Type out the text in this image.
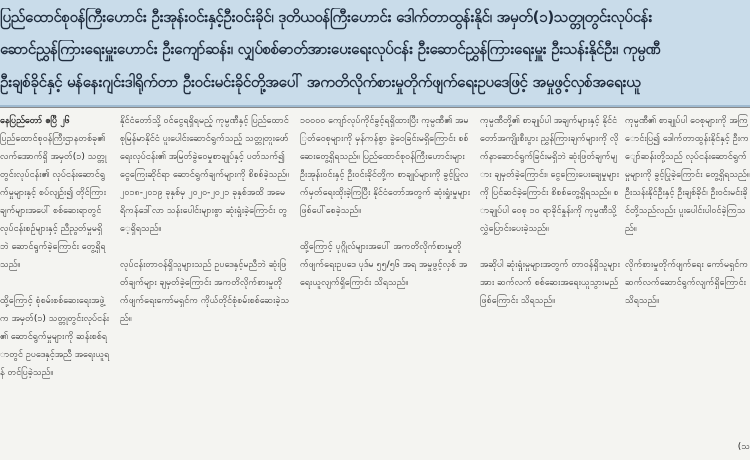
ပြည်ထောင်စုဝန်ကြီးဟောင်း ဦးအုန်းဝင်းနှင့်ဦးဝင်းခိုင်၊ ဒုတိယဝန်ကြီးဟောင်း ဒေါက်တာထွန်းနိုင်၊ အမှတ်(၁)သတ္တုတွင်းလုပ်ငန်း
ဆောင်ညွှန်ကြားရေးမှူးဟောင်း ဦးကျော်ဆန်း၊ လျှပ်စစ်ဓာတ်အားပေးရေးလုပ်ငန်း ဦးဆောင်ညွှန်ကြားရေးမှူး ဦးသန်းနိုင်ဦး၊ ကုမ္ပဏီ
ဦးချစ်ခိုင်နှင့် မန်နေးဂျင်းဒါရိုက်တာ ဦးဝင်းမင်းခိုင်တို့အပေါ် အကတိလိုက်စားမှုတိုက်ဖျက်ရေးဥပဒေဖြင့် အမှုဖွင့်လှစ်အရေးယူ

နေပြည်တော် ဧပြီ ၂၆

ပြည်ထောင်စုဝန်ကြီးဌာနတစ်ခု၏ လက်အောက်ရှိ အမှတ်(၁) သတ္တုတွင်းလုပ်ငန်း၏ လုပ်ငန်းဆောင်ရွက်မှုများနှင့် စပ်လျဉ်း၍ တိုင်ကြားချက်များအပေါ် စစ်ဆေးရာတွင် လုပ်ငန်းစဉ်များနှင့် ညီညွတ်မှုမရှိဘဲ ဆောင်ရွက်ခဲ့ကြောင်း တွေ့ရှိရသည်။

ထို့ကြောင့် စုံစမ်းစစ်ဆေးရေးအဖွဲ့က အမှတ်(၁) သတ္တုတွင်းလုပ်ငန်း၏ ဆောင်ရွက်မှုများကို ဆန်းစစ်ရာတွင် ဥပဒေနှင့်အညီ အရေးယူရန် တင်ပြခဲ့သည်။

နိုင်ငံတော်သို့ ဝင်ငွေရရှိရမည့် ကုမ္ပဏီနှင့် ပြည်ထောင်စုမြန်မာနိုင်ငံ ပူးပေါင်းဆောင်ရွက်သည့် သတ္တုတူးဖော်ရေးလုပ်ငန်း၏ အမြတ်ခွဲဝေမှုစာချုပ်နှင့် ပတ်သက်၍ ငွေကြေးဆိုင်ရာ ဆောင်ရွက်ချက်များကို စိစစ်ခဲ့သည်။ ၂၀၁၈-၂၀၁၉ ခုနှစ်မှ ၂၀၂၀-၂၀၂၁ ခုနှစ်အထိ အမေရိကန်ဒေါ်လာ သန်းပေါင်းများစွာ ဆုံးရှုံးခဲ့ကြောင်း တွေ့ရှိရသည်။

လုပ်ငန်းတာဝန်ရှိသူများသည် ဥပဒေနှင့်မညီဘဲ ဆုံးဖြတ်ချက်များ ချမှတ်ခဲ့ကြောင်း အကတိလိုက်စားမှုတိုက်ဖျက်ရေးကော်မရှင်က ကိုယ်တိုင်စုံစမ်းစစ်ဆေးခဲ့သည်။

၁၀၀၀၀ ကျော်လုပ်ကိုင်ခွင့်ရရှိထားပြီး ကုမ္ပဏီ၏ အမြတ်ဝေစုများကို မှန်ကန်စွာ ခွဲဝေခြင်းမရှိကြောင်း စစ်ဆေးတွေ့ရှိရသည်။ ပြည်ထောင်စုဝန်ကြီးဟောင်းများ ဦးအုန်းဝင်းနှင့် ဦးဝင်းခိုင်တို့က စာချုပ်များကို ခွင့်ပြုလက်မှတ်ရေးထိုးခဲ့ကြပြီး နိုင်ငံတော်အတွက် ဆုံးရှုံးမှုများ ဖြစ်ပေါ်စေခဲ့သည်။

ထို့ကြောင့် ပုဂ္ဂိုလ်များအပေါ် အကတိလိုက်စားမှုတိုက်ဖျက်ရေးဥပဒေ ပုဒ်မ ၅၅/၅၆ အရ အမှုဖွင့်လှစ် အရေးယူလျက်ရှိကြောင်း သိရသည်။

ကုမ္ပဏီတို့၏ စာချုပ်ပါ အချက်များနှင့် နိုင်ငံတော်အကျိုးစီးပွား ညွှန်ကြားချက်များကို လိုက်နာဆောင်ရွက်ခြင်းမရှိဘဲ ဆုံးဖြတ်ချက်များ ချမှတ်ခဲ့ကြောင်း၊ ငွေကြေးပေးချေမှုများကို ပြင်ဆင်ခဲ့ကြောင်း စိစစ်တွေ့ရှိရသည်။ စာချုပ်ပါ ဝေစု ၁၀ ရာခိုင်နှုန်းကို ကုမ္ပဏီသို့ လွှဲပြောင်းပေးခဲ့သည်။

အဆိုပါ ဆုံးရှုံးမှုများအတွက် တာဝန်ရှိသူများအား ဆက်လက် စစ်ဆေးအရေးယူသွားမည်ဖြစ်ကြောင်း သိရသည်။

ကုမ္ပဏီ၏ စာချုပ်ပါ ဝေစုများကို အကြောင်းပြ၍ ဒေါက်တာထွန်းနိုင်နှင့် ဦးကျော်ဆန်းတို့သည် လုပ်ငန်းဆောင်ရွက်မှုများကို ခွင့်ပြုခဲ့ကြောင်း တွေ့ရှိရသည်။ ဦးသန်းနိုင်ဦးနှင့် ဦးချစ်ခိုင်၊ ဦးဝင်းမင်းခိုင်တို့သည်လည်း ပူးပေါင်းပါဝင်ခဲ့ကြသည်။

လိုက်စားမှုတိုက်ဖျက်ရေး ကော်မရှင်က ဆက်လက်ဆောင်ရွက်လျက်ရှိကြောင်း သိရသည်။

(သ
